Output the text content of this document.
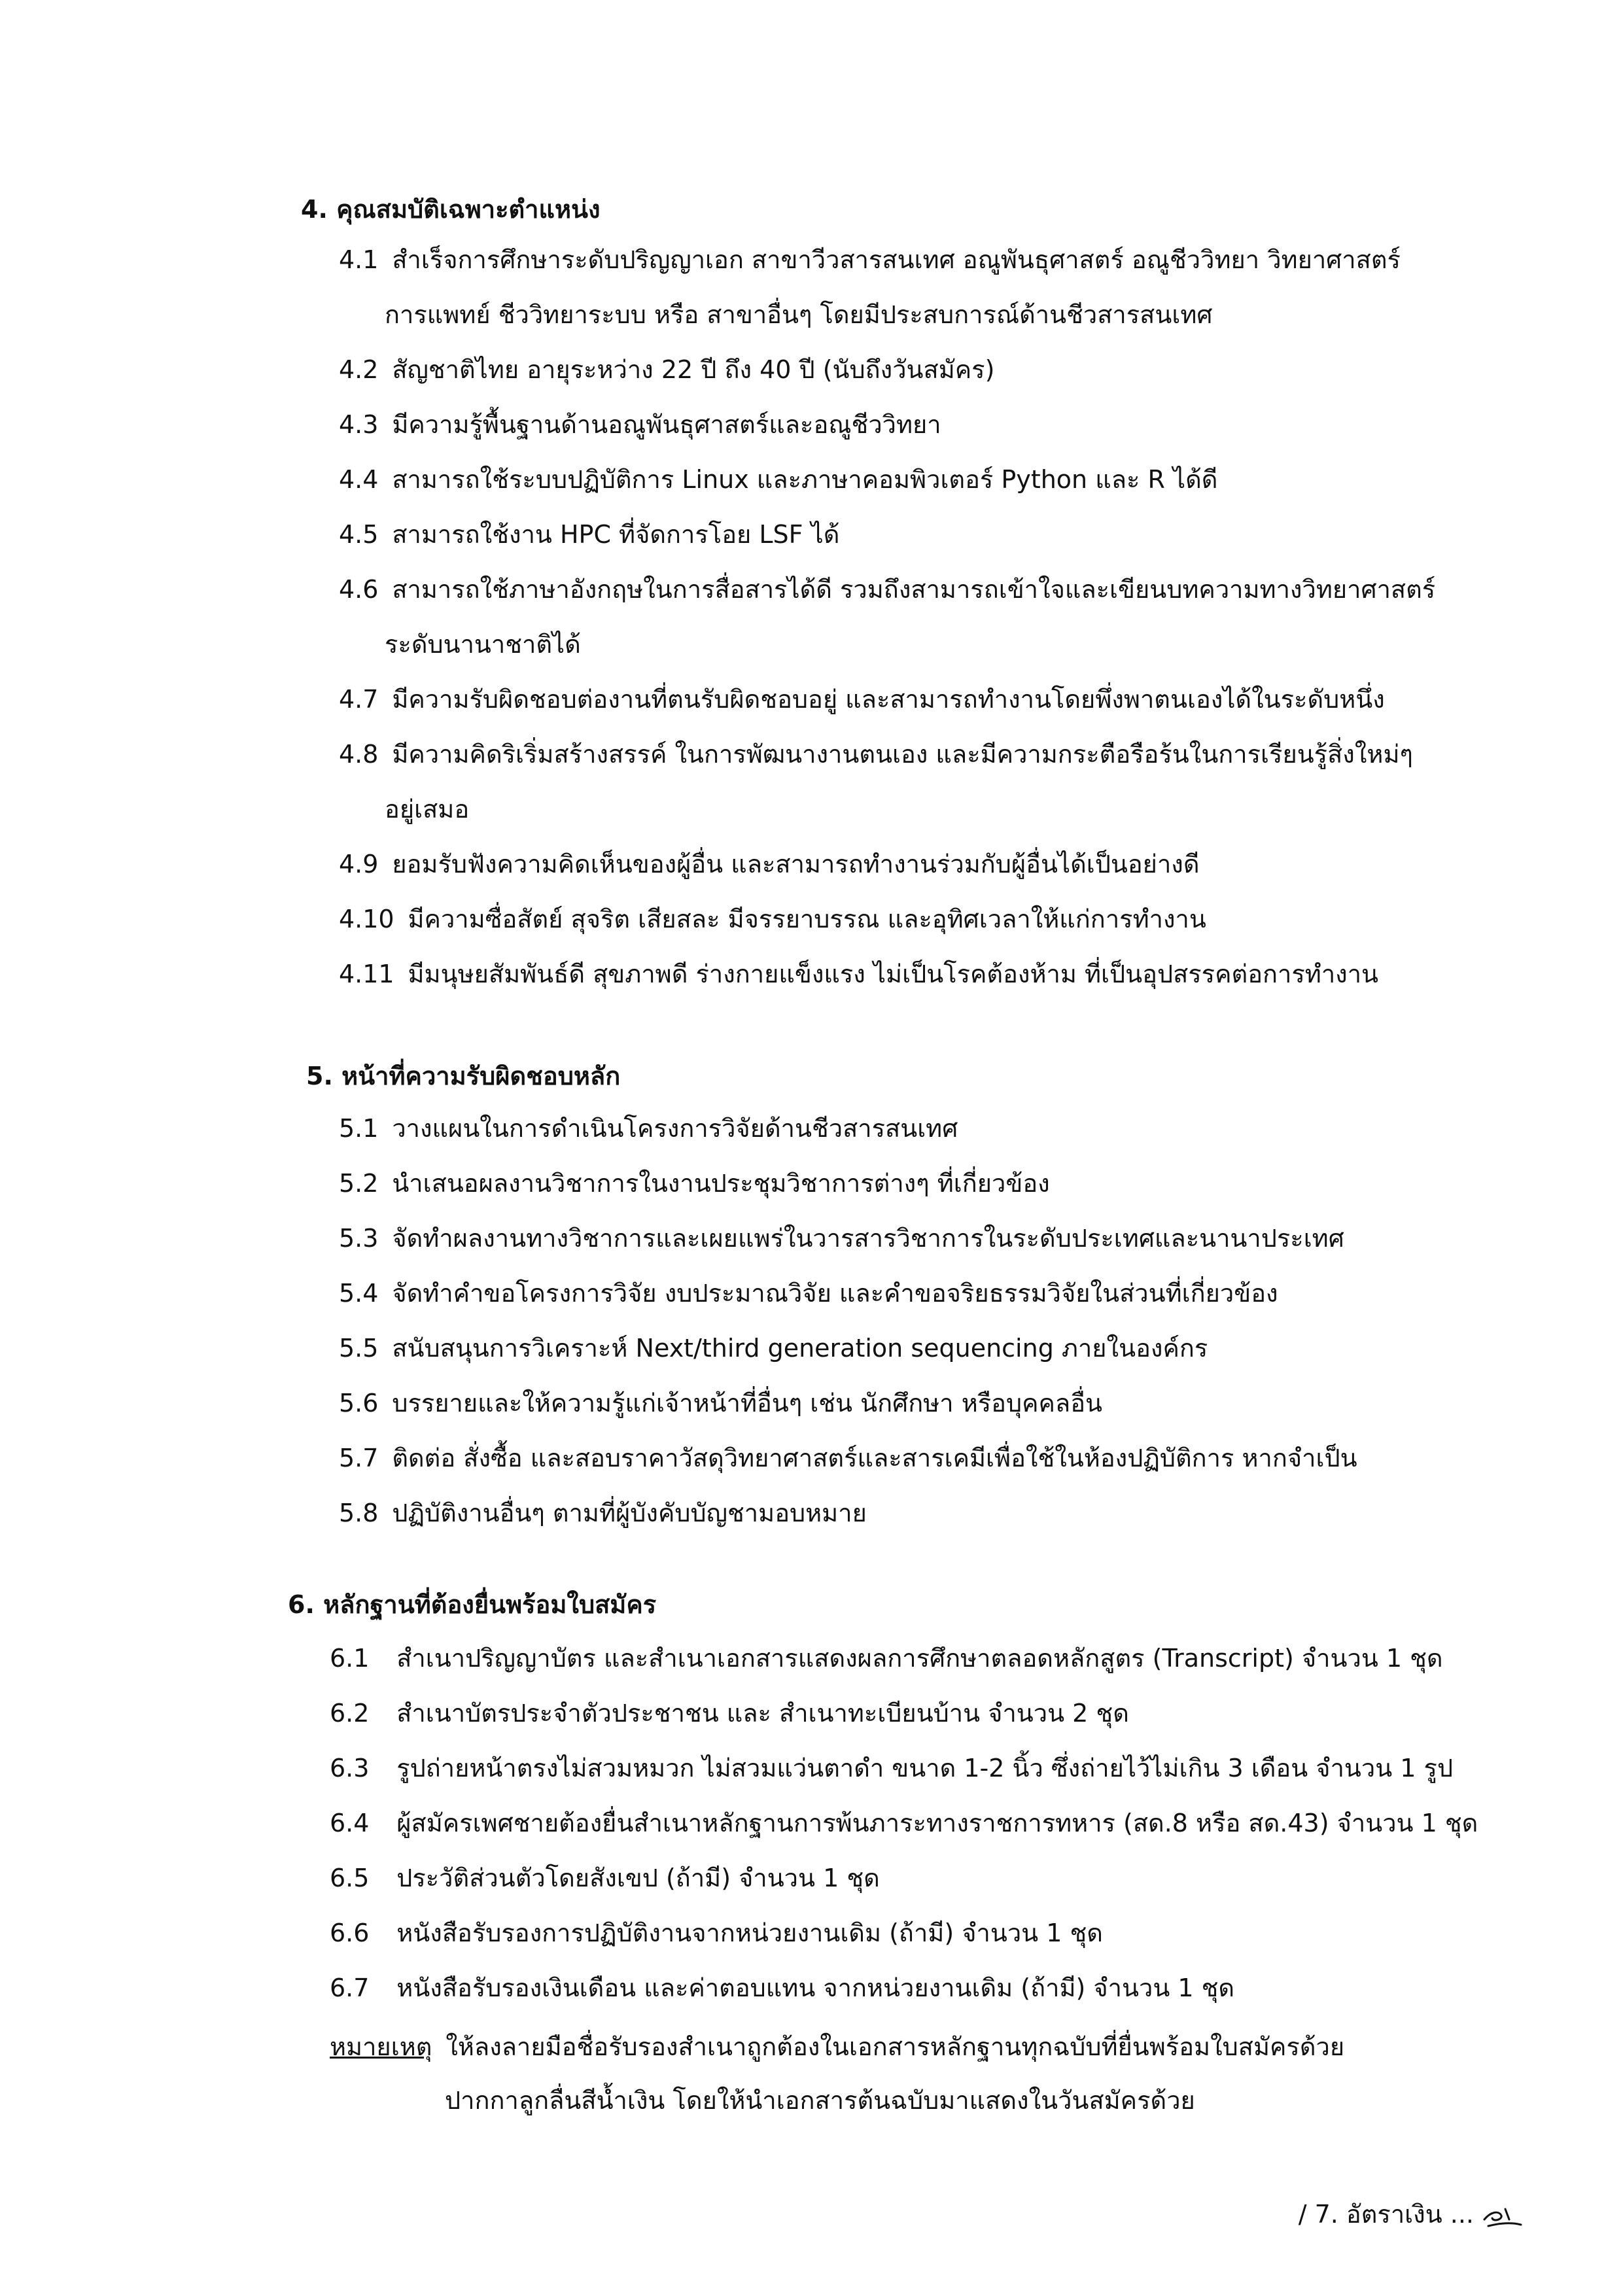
4. คุณสมบัติเฉพาะตำแหน่ง
4.1 สำเร็จการศึกษาระดับปริญญาเอก สาขาวีวสารสนเทศ อณูพันธุศาสตร์ อณูชีววิทยา วิทยาศาสตร์
การแพทย์ ชีววิทยาระบบ หรือ สาขาอื่นๆ โดยมีประสบการณ์ด้านชีวสารสนเทศ
4.2 สัญชาติไทย อายุระหว่าง 22 ปี ถึง 40 ปี (นับถึงวันสมัคร)
4.3 มีความรู้พื้นฐานด้านอณูพันธุศาสตร์และอณูชีววิทยา
4.4 สามารถใช้ระบบปฏิบัติการ Linux และภาษาคอมพิวเตอร์ Python และ R ได้ดี
4.5 สามารถใช้งาน HPC ที่จัดการโอย LSF ได้
4.6 สามารถใช้ภาษาอังกฤษในการสื่อสารได้ดี รวมถึงสามารถเข้าใจและเขียนบทความทางวิทยาศาสตร์
ระดับนานาชาติได้
4.7 มีความรับผิดชอบต่องานที่ตนรับผิดชอบอยู่ และสามารถทำงานโดยพึ่งพาตนเองได้ในระดับหนึ่ง
4.8 มีความคิดริเริ่มสร้างสรรค์ ในการพัฒนางานตนเอง และมีความกระตือรือร้นในการเรียนรู้สิ่งใหม่ๆ
อยู่เสมอ
4.9 ยอมรับฟังความคิดเห็นของผู้อื่น และสามารถทำงานร่วมกับผู้อื่นได้เป็นอย่างดี
4.10 มีความซื่อสัตย์ สุจริต เสียสละ มีจรรยาบรรณ และอุทิศเวลาให้แก่การทำงาน
4.11 มีมนุษยสัมพันธ์ดี สุขภาพดี ร่างกายแข็งแรง ไม่เป็นโรคต้องห้าม ที่เป็นอุปสรรคต่อการทำงาน
5. หน้าที่ความรับผิดชอบหลัก
5.1 วางแผนในการดำเนินโครงการวิจัยด้านชีวสารสนเทศ
5.2 นำเสนอผลงานวิชาการในงานประชุมวิชาการต่างๆ ที่เกี่ยวข้อง
5.3 จัดทำผลงานทางวิชาการและเผยแพร่ในวารสารวิชาการในระดับประเทศและนานาประเทศ
5.4 จัดทำคำขอโครงการวิจัย งบประมาณวิจัย และคำขอจริยธรรมวิจัยในส่วนที่เกี่ยวข้อง
5.5 สนับสนุนการวิเคราะห์ Next/third generation sequencing ภายในองค์กร
5.6 บรรยายและให้ความรู้แก่เจ้าหน้าที่อื่นๆ เช่น นักศึกษา หรือบุคคลอื่น
5.7 ติดต่อ สั่งซื้อ และสอบราคาวัสดุวิทยาศาสตร์และสารเคมีเพื่อใช้ในห้องปฏิบัติการ หากจำเป็น
5.8 ปฏิบัติงานอื่นๆ ตามที่ผู้บังคับบัญชามอบหมาย
6. หลักฐานที่ต้องยื่นพร้อมใบสมัคร
6.1 สำเนาปริญญาบัตร และสำเนาเอกสารแสดงผลการศึกษาตลอดหลักสูตร (Transcript) จำนวน 1 ชุด
6.2 สำเนาบัตรประจำตัวประชาชน และ สำเนาทะเบียนบ้าน จำนวน 2 ชุด
6.3 รูปถ่ายหน้าตรงไม่สวมหมวก ไม่สวมแว่นตาดำ ขนาด 1-2 นิ้ว ซึ่งถ่ายไว้ไม่เกิน 3 เดือน จำนวน 1 รูป
6.4 ผู้สมัครเพศชายต้องยื่นสำเนาหลักฐานการพ้นภาระทางราชการทหาร (สด.8 หรือ สด.43) จำนวน 1 ชุด
6.5 ประวัติส่วนตัวโดยสังเขป (ถ้ามี) จำนวน 1 ชุด
6.6 หนังสือรับรองการปฏิบัติงานจากหน่วยงานเดิม (ถ้ามี) จำนวน 1 ชุด
6.7 หนังสือรับรองเงินเดือน และค่าตอบแทน จากหน่วยงานเดิม (ถ้ามี) จำนวน 1 ชุด
หมายเหตุ ให้ลงลายมือชื่อรับรองสำเนาถูกต้องในเอกสารหลักฐานทุกฉบับที่ยื่นพร้อมใบสมัครด้วย
ปากกาลูกลื่นสีน้ำเงิน โดยให้นำเอกสารต้นฉบับมาแสดงในวันสมัครด้วย
/ 7. อัตราเงิน ...
